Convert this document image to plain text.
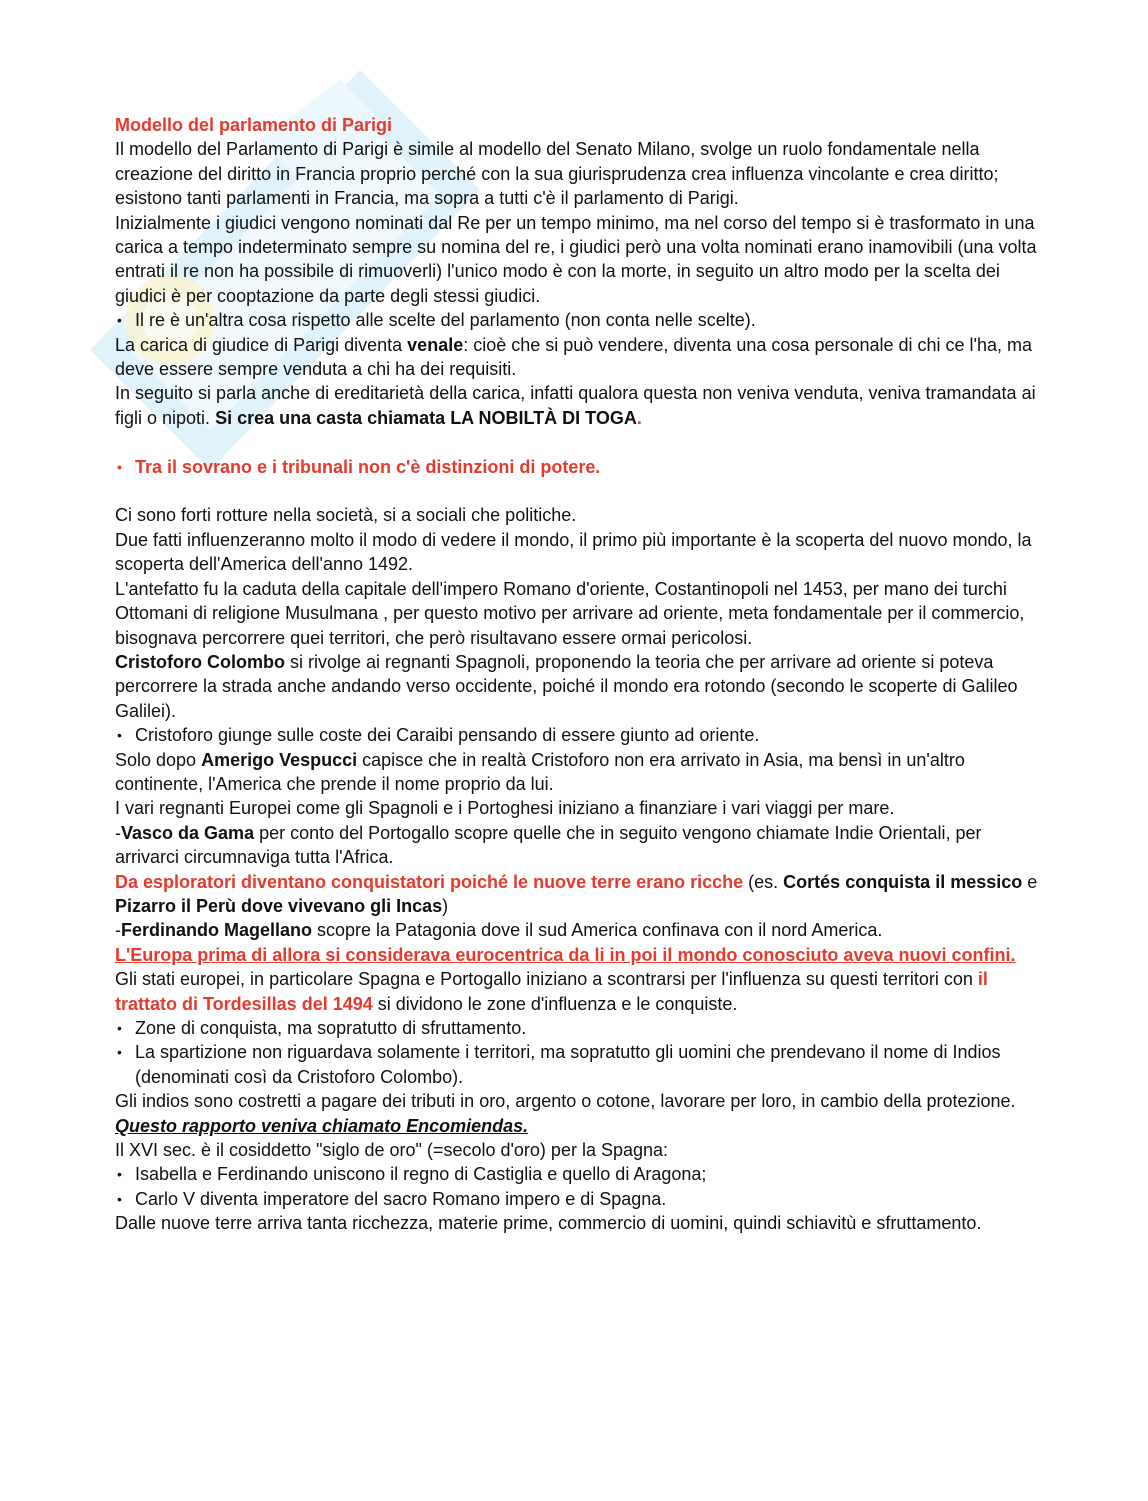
Modello del parlamento di Parigi

Il modello del Parlamento di Parigi è simile al modello del Senato Milano, svolge un ruolo fondamentale nella creazione del diritto in Francia proprio perché con la sua giurisprudenza crea influenza vincolante e crea diritto; esistono tanti parlamenti in Francia, ma sopra a tutti c'è il parlamento di Parigi.

Inizialmente i giudici vengono nominati dal Re per un tempo minimo, ma nel corso del tempo si è trasformato in una carica a tempo indeterminato sempre su nomina del re, i giudici però una volta nominati erano inamovibili (una volta entrati il re non ha possibile di rimuoverli) l'unico modo è con la morte, in seguito un altro modo per la scelta dei giudici è per cooptazione da parte degli stessi giudici.

• Il re è un'altra cosa rispetto alle scelte del parlamento (non conta nelle scelte).

La carica di giudice di Parigi diventa venale: cioè che si può vendere, diventa una cosa personale di chi ce l'ha, ma deve essere sempre venduta a chi ha dei requisiti.

In seguito si parla anche di ereditarietà della carica, infatti qualora questa non veniva venduta, veniva tramandata ai figli o nipoti. Si crea una casta chiamata LA NOBILTÀ DI TOGA.

• Tra il sovrano e i tribunali non c'è distinzioni di potere.

Ci sono forti rotture nella società, si a sociali che politiche.

Due fatti influenzeranno molto il modo di vedere il mondo, il primo più importante è la scoperta del nuovo mondo, la scoperta dell'America dell'anno 1492.

L'antefatto fu la caduta della capitale dell'impero Romano d'oriente, Costantinopoli nel 1453, per mano dei turchi Ottomani di religione Musulmana , per questo motivo per arrivare ad oriente, meta fondamentale per il commercio, bisognava percorrere quei territori, che però risultavano essere ormai pericolosi.

Cristoforo Colombo si rivolge ai regnanti Spagnoli, proponendo la teoria che per arrivare ad oriente si poteva percorrere la strada anche andando verso occidente, poiché il mondo era rotondo (secondo le scoperte di Galileo Galilei).

• Cristoforo giunge sulle coste dei Caraibi pensando di essere giunto ad oriente.

Solo dopo Amerigo Vespucci capisce che in realtà Cristoforo non era arrivato in Asia, ma bensì in un'altro continente, l'America che prende il nome proprio da lui.

I vari regnanti Europei come gli Spagnoli e i Portoghesi iniziano a finanziare i vari viaggi per mare.

-Vasco da Gama per conto del Portogallo scopre quelle che in seguito vengono chiamate Indie Orientali, per arrivarci circumnaviga tutta l'Africa.

Da esploratori diventano conquistatori poiché le nuove terre erano ricche (es. Cortés conquista il messico e Pizarro il Perù dove vivevano gli Incas)

-Ferdinando Magellano scopre la Patagonia dove il sud America confinava con il nord America.

L'Europa prima di allora si considerava eurocentrica da li in poi il mondo conosciuto aveva nuovi confini.

Gli stati europei, in particolare Spagna e Portogallo iniziano a scontrarsi per l'influenza su questi territori con il trattato di Tordesillas del 1494 si dividono le zone d'influenza e le conquiste.

• Zone di conquista, ma sopratutto di sfruttamento.

• La spartizione non riguardava solamente i territori, ma sopratutto gli uomini che prendevano il nome di Indios (denominati così da Cristoforo Colombo).

Gli indios sono costretti a pagare dei tributi in oro, argento o cotone, lavorare per loro, in cambio della protezione. Questo rapporto veniva chiamato Encomiendas.

Il XVI sec. è il cosiddetto "siglo de oro" (=secolo d'oro) per la Spagna:

• Isabella e Ferdinando uniscono il regno di Castiglia e quello di Aragona;

• Carlo V diventa imperatore del sacro Romano impero e di Spagna.

Dalle nuove terre arriva tanta ricchezza, materie prime, commercio di uomini, quindi schiavitù e sfruttamento.
